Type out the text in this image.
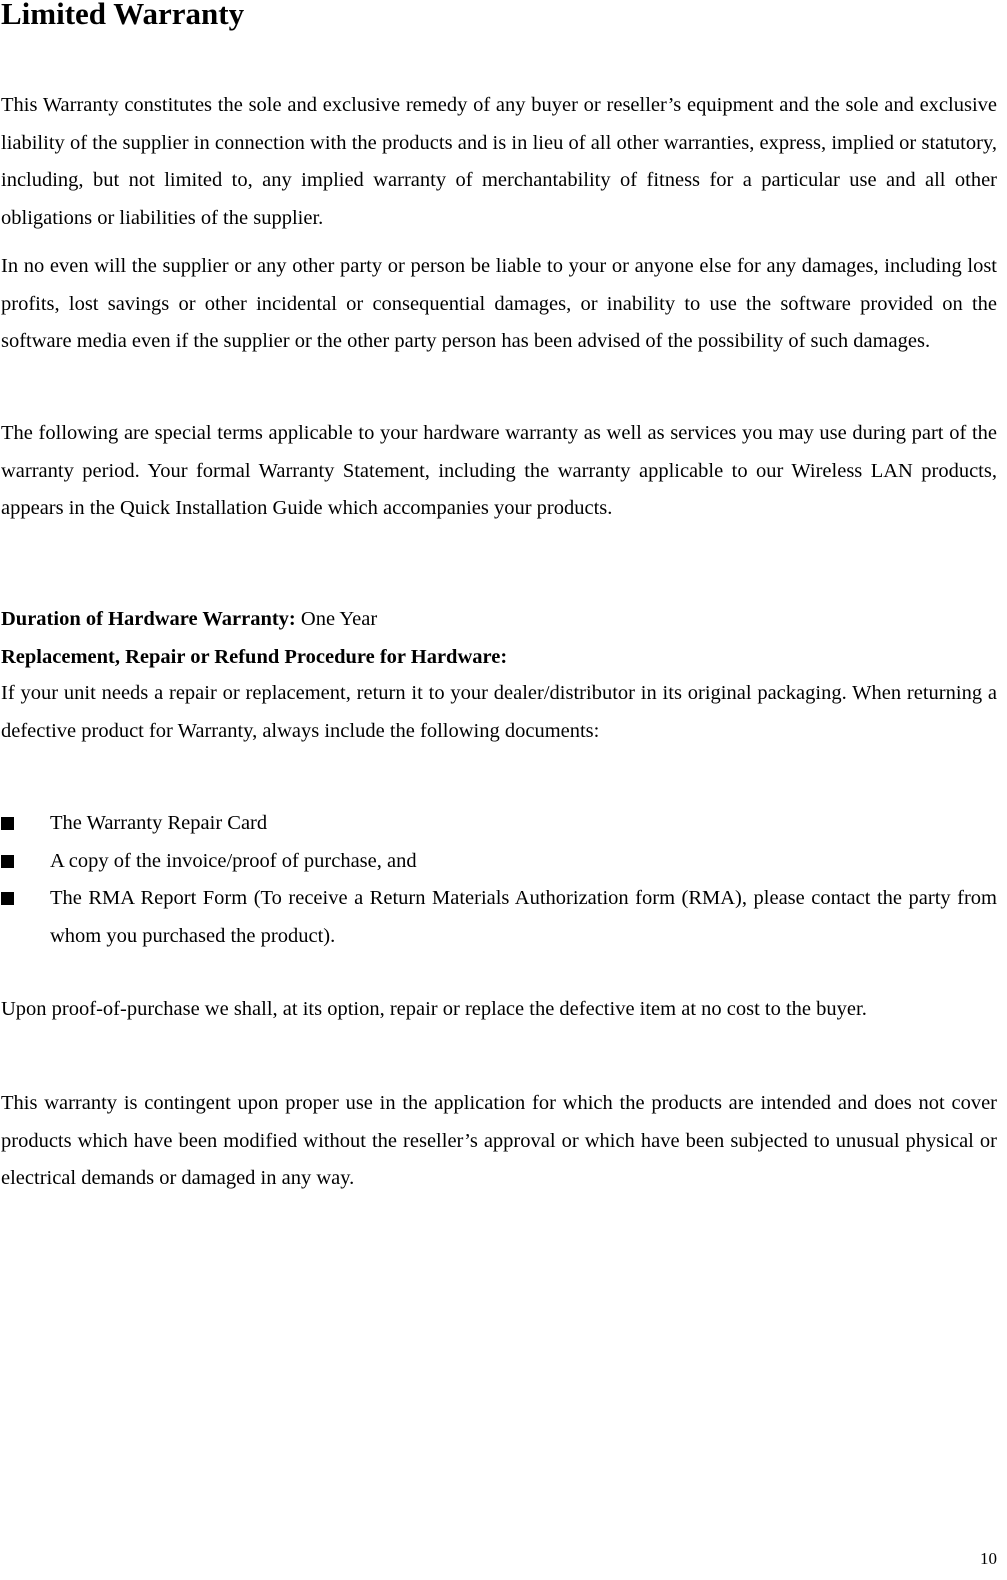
Limited Warranty

This Warranty constitutes the sole and exclusive remedy of any buyer or reseller’s equipment and the sole and exclusive liability of the supplier in connection with the products and is in lieu of all other warranties, express, implied or statutory, including, but not limited to, any implied warranty of merchantability of fitness for a particular use and all other obligations or liabilities of the supplier.

In no even will the supplier or any other party or person be liable to your or anyone else for any damages, including lost profits, lost savings or other incidental or consequential damages, or inability to use the software provided on the software media even if the supplier or the other party person has been advised of the possibility of such damages.

The following are special terms applicable to your hardware warranty as well as services you may use during part of the warranty period. Your formal Warranty Statement, including the warranty applicable to our Wireless LAN products, appears in the Quick Installation Guide which accompanies your products.

Duration of Hardware Warranty: One Year

Replacement, Repair or Refund Procedure for Hardware:

If your unit needs a repair or replacement, return it to your dealer/distributor in its original packaging. When returning a defective product for Warranty, always include the following documents:

The Warranty Repair Card
A copy of the invoice/proof of purchase, and
The RMA Report Form (To receive a Return Materials Authorization form (RMA), please contact the party from whom you purchased the product).

Upon proof-of-purchase we shall, at its option, repair or replace the defective item at no cost to the buyer.

This warranty is contingent upon proper use in the application for which the products are intended and does not cover products which have been modified without the reseller’s approval or which have been subjected to unusual physical or electrical demands or damaged in any way.

10
